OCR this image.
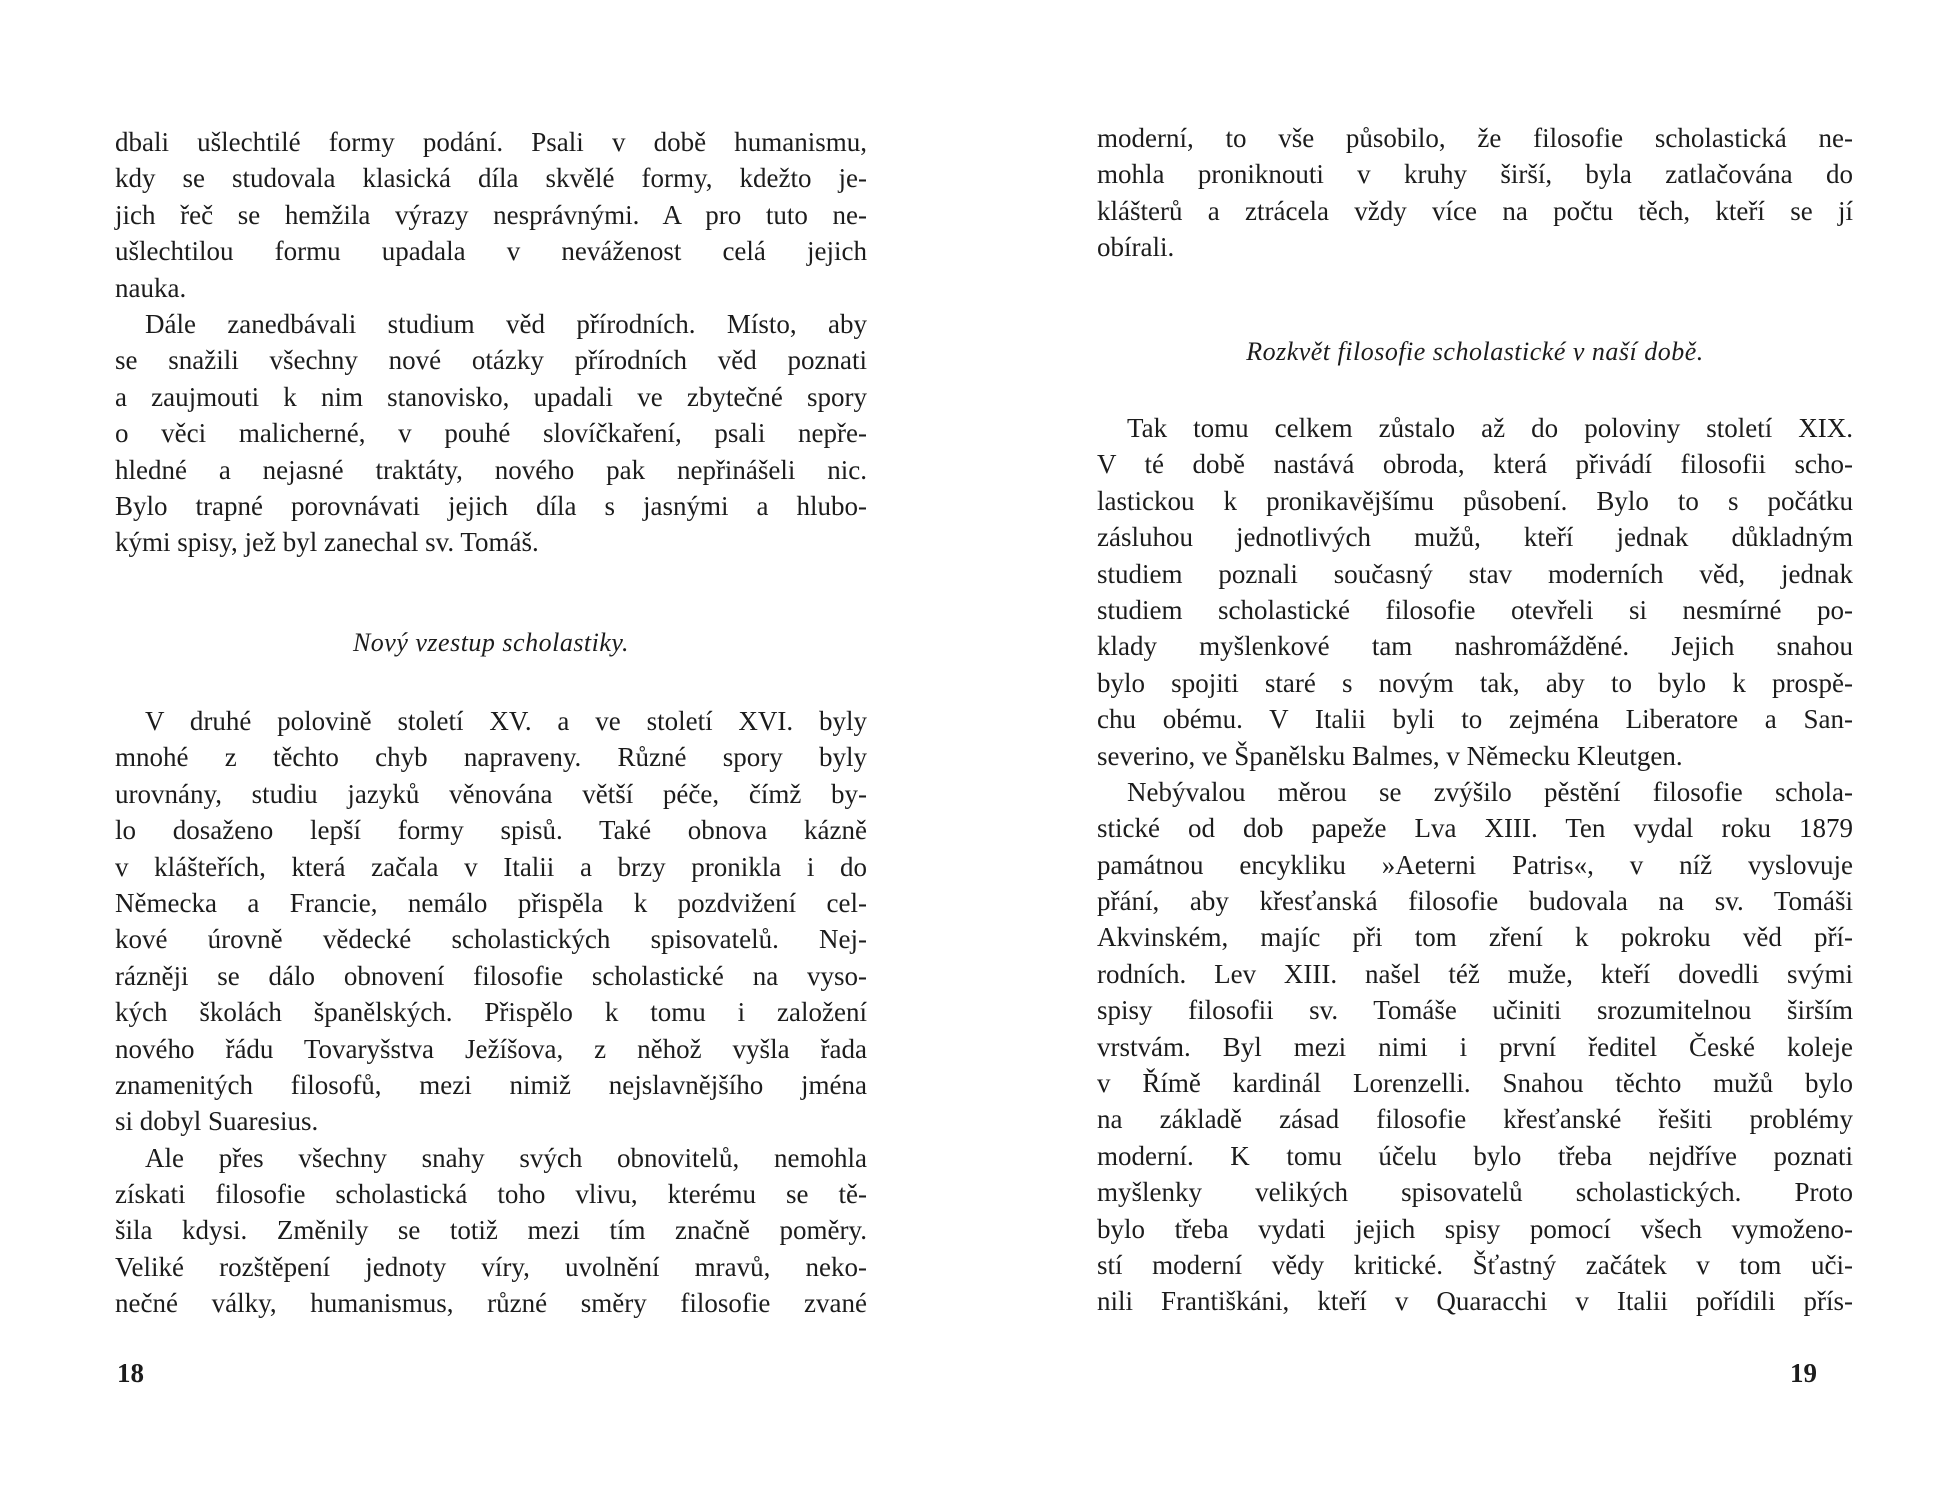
dbali ušlechtilé formy podání. Psali v době humanismu,
kdy se studovala klasická díla skvělé formy, kdežto je-
jich řeč se hemžila výrazy nesprávnými. A pro tuto ne-
ušlechtilou formu upadala v neváženost celá jejich
nauka.
Dále zanedbávali studium věd přírodních. Místo, aby
se snažili všechny nové otázky přírodních věd poznati
a zaujmouti k nim stanovisko, upadali ve zbytečné spory
o věci malicherné, v pouhé slovíčkaření, psali nepře-
hledné a nejasné traktáty, nového pak nepřinášeli nic.
Bylo trapné porovnávati jejich díla s jasnými a hlubo-
kými spisy, jež byl zanechal sv. Tomáš.
Nový vzestup scholastiky.
V druhé polovině století XV. a ve století XVI. byly
mnohé z těchto chyb napraveny. Různé spory byly
urovnány, studiu jazyků věnována větší péče, čímž by-
lo dosaženo lepší formy spisů. Také obnova kázně
v klášteřích, která začala v Italii a brzy pronikla i do
Německa a Francie, nemálo přispěla k pozdvižení cel-
kové úrovně vědecké scholastických spisovatelů. Nej-
rázněji se dálo obnovení filosofie scholastické na vyso-
kých školách španělských. Přispělo k tomu i založení
nového řádu Tovaryšstva Ježíšova, z něhož vyšla řada
znamenitých filosofů, mezi nimiž nejslavnějšího jména
si dobyl Suaresius.
Ale přes všechny snahy svých obnovitelů, nemohla
získati filosofie scholastická toho vlivu, kterému se tě-
šila kdysi. Změnily se totiž mezi tím značně poměry.
Veliké rozštěpení jednoty víry, uvolnění mravů, neko-
nečné války, humanismus, různé směry filosofie zvané
18
moderní, to vše působilo, že filosofie scholastická ne-
mohla proniknouti v kruhy širší, byla zatlačována do
klášterů a ztrácela vždy více na počtu těch, kteří se jí
obírali.
Rozkvět filosofie scholastické v naší době.
Tak tomu celkem zůstalo až do poloviny století XIX.
V té době nastává obroda, která přivádí filosofii scho-
lastickou k pronikavějšímu působení. Bylo to s počátku
zásluhou jednotlivých mužů, kteří jednak důkladným
studiem poznali současný stav moderních věd, jednak
studiem scholastické filosofie otevřeli si nesmírné po-
klady myšlenkové tam nashromážděné. Jejich snahou
bylo spojiti staré s novým tak, aby to bylo k prospě-
chu obému. V Italii byli to zejména Liberatore a San-
severino, ve Španělsku Balmes, v Německu Kleutgen.
Nebývalou měrou se zvýšilo pěstění filosofie schola-
stické od dob papeže Lva XIII. Ten vydal roku 1879
památnou encykliku »Aeterni Patris«, v níž vyslovuje
přání, aby křesťanská filosofie budovala na sv. Tomáši
Akvinském, majíc při tom zření k pokroku věd pří-
rodních. Lev XIII. našel též muže, kteří dovedli svými
spisy filosofii sv. Tomáše učiniti srozumitelnou širším
vrstvám. Byl mezi nimi i první ředitel České koleje
v Římě kardinál Lorenzelli. Snahou těchto mužů bylo
na základě zásad filosofie křesťanské řešiti problémy
moderní. K tomu účelu bylo třeba nejdříve poznati
myšlenky velikých spisovatelů scholastických. Proto
bylo třeba vydati jejich spisy pomocí všech vymoženo-
stí moderní vědy kritické. Šťastný začátek v tom uči-
nili Františkáni, kteří v Quaracchi v Italii pořídili přís-
19
